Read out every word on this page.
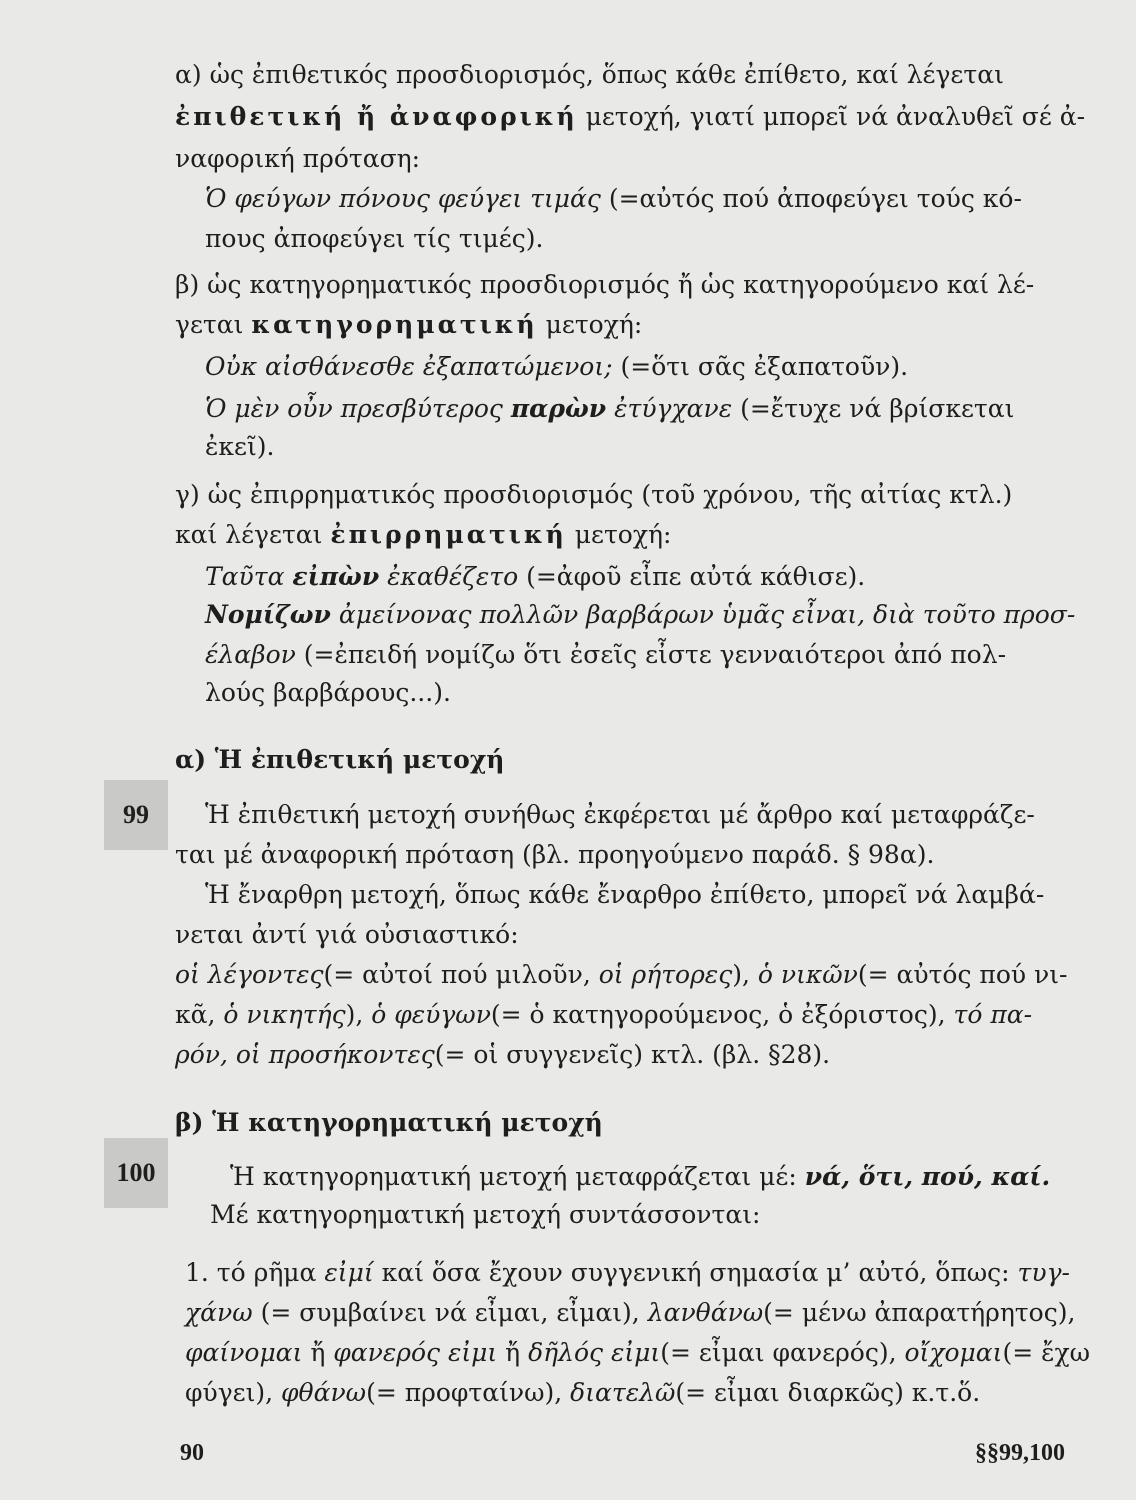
α) ὡς ἐπιθετικός προσδιορισμός, ὅπως κάθε ἐπίθετο, καί λέγεται
ἐπιθετική ἤ ἀναφορική μετοχή, γιατί μπορεῖ νά ἀναλυθεῖ σέ ἀ-
ναφορική πρόταση:
Ὁ φεύγων πόνους φεύγει τιμάς (=αὐτός πού ἀποφεύγει τούς κό-
πους ἀποφεύγει τίς τιμές).
β) ὡς κατηγορηματικός προσδιορισμός ἤ ὡς κατηγορούμενο καί λέ-
γεται κατηγορηματική μετοχή:
Οὐκ αἰσθάνεσθε ἐξαπατώμενοι; (=ὅτι σᾶς ἐξαπατοῦν).
Ὁ μὲν οὖν πρεσβύτερος παρὼν ἐτύγχανε (=ἔτυχε νά βρίσκεται
ἐκεῖ).
γ) ὡς ἐπιρρηματικός προσδιορισμός (τοῦ χρόνου, τῆς αἰτίας κτλ.)
καί λέγεται ἐπιρρηματική μετοχή:
Ταῦτα εἰπὼν ἐκαθέζετο (=ἀφοῦ εἶπε αὐτά κάθισε).
Νομίζων ἀμείνονας πολλῶν βαρβάρων ὑμᾶς εἶναι, διὰ τοῦτο προσ-
έλαβον (=ἐπειδή νομίζω ὅτι ἐσεῖς εἶστε γενναιότεροι ἀπό πολ-
λούς βαρβάρους...).
α) Ἡ ἐπιθετική μετοχή
99	Ἡ ἐπιθετική μετοχή συνήθως ἐκφέρεται μέ ἄρθρο καί μεταφράζε-
ται μέ ἀναφορική πρόταση (βλ. προηγούμενο παράδ. § 98α).
Ἡ ἔναρθρη μετοχή, ὅπως κάθε ἔναρθρο ἐπίθετο, μπορεῖ νά λαμβά-
νεται ἀντί γιά οὐσιαστικό:
οἱ λέγοντες(= αὐτοί πού μιλοῦν, οἱ ρήτορες), ὁ νικῶν(= αὐτός πού νι-
κᾶ, ὁ νικητής), ὁ φεύγων(= ὁ κατηγορούμενος, ὁ ἐξόριστος), τό πα-
ρόν, οἱ προσήκοντες(= οἱ συγγενεῖς) κτλ. (βλ. §28).
β) Ἡ κατηγορηματική μετοχή
100	Ἡ κατηγορηματική μετοχή μεταφράζεται μέ: νά, ὅτι, πού, καί.
Μέ κατηγορηματική μετοχή συντάσσονται:
1. τό ρῆμα εἰμί καί ὅσα ἔχουν συγγενική σημασία μ’ αὐτό, ὅπως: τυγ-
χάνω (= συμβαίνει νά εἶμαι, εἶμαι), λανθάνω(= μένω ἀπαρατήρητος),
φαίνομαι ἤ φανερός εἰμι ἤ δῆλός εἰμι(= εἶμαι φανερός), οἴχομαι(= ἔχω
φύγει), φθάνω(= προφταίνω), διατελῶ(= εἶμαι διαρκῶς) κ.τ.ὅ.
90	§§99,100
